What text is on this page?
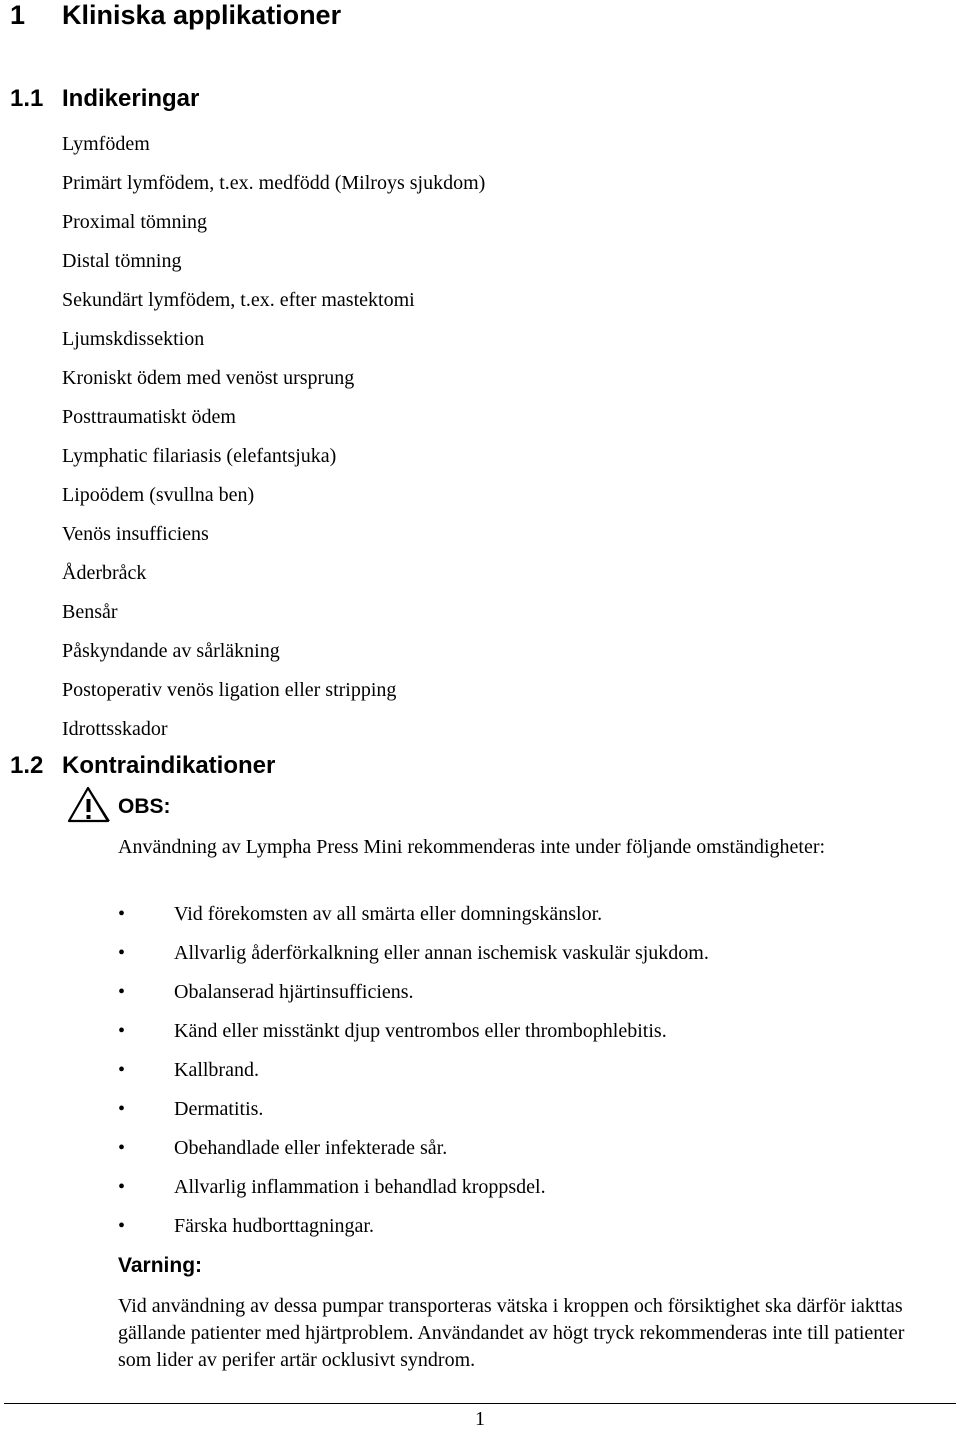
1 Kliniska applikationer
1.1 Indikeringar
Lymfödem
Primärt lymfödem, t.ex. medfödd (Milroys sjukdom)
Proximal tömning
Distal tömning
Sekundärt lymfödem, t.ex. efter mastektomi
Ljumskdissektion
Kroniskt ödem med venöst ursprung
Posttraumatiskt ödem
Lymphatic filariasis (elefantsjuka)
Lipoödem (svullna ben)
Venös insufficiens
Åderbråck
Bensår
Påskyndande av sårläkning
Postoperativ venös ligation eller stripping
Idrottsskador
1.2 Kontraindikationer

OBS:

Användning av Lympha Press Mini rekommenderas inte under följande omständigheter:

•	Vid förekomsten av all smärta eller domningskänslor.
•	Allvarlig åderförkalkning eller annan ischemisk vaskulär sjukdom.
•	Obalanserad hjärtinsufficiens.
•	Känd eller misstänkt djup ventrombos eller thrombophlebitis.
•	Kallbrand.
•	Dermatitis.
•	Obehandlade eller infekterade sår.
•	Allvarlig inflammation i behandlad kroppsdel.
•	Färska hudborttagningar.

Varning:

Vid användning av dessa pumpar transporteras vätska i kroppen och försiktighet ska därför iakttas gällande patienter med hjärtproblem. Användandet av högt tryck rekommenderas inte till patienter som lider av perifer artär ocklusivt syndrom.

1
